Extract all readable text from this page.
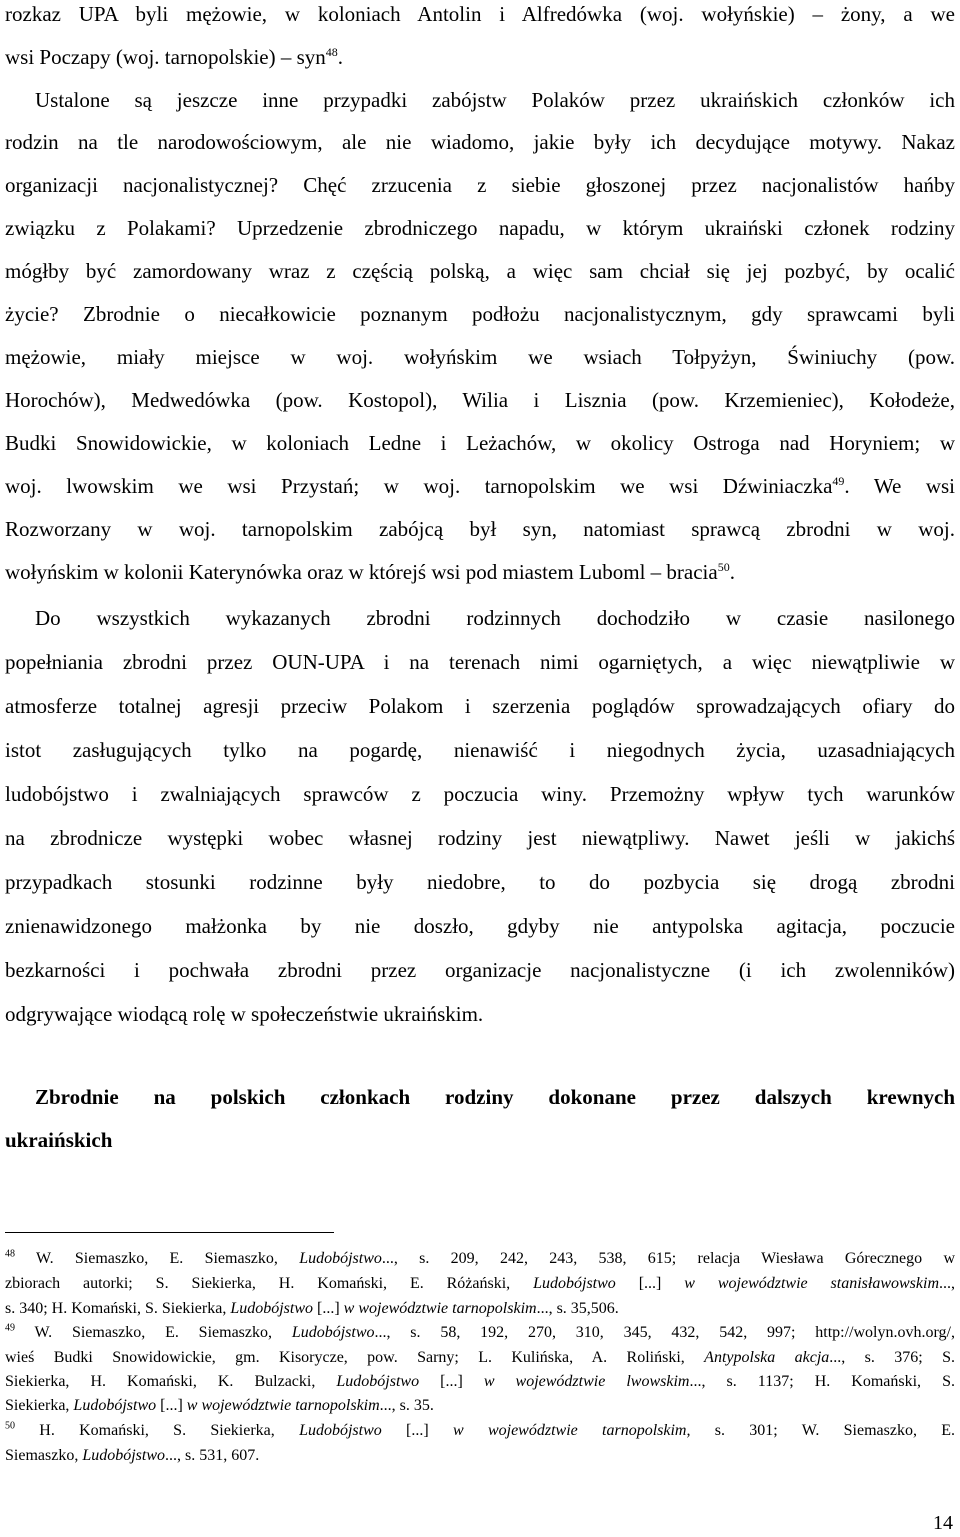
rozkaz UPA byli mężowie, w koloniach Antolin i Alfredówka (woj. wołyńskie) – żony, a we
wsi Poczapy (woj. tarnopolskie) – syn$^{48}$.
Ustalone są jeszcze inne przypadki zabójstw Polaków przez ukraińskich członków ich
rodzin na tle narodowościowym, ale nie wiadomo, jakie były ich decydujące motywy. Nakaz
organizacji nacjonalistycznej? Chęć zrzucenia z siebie głoszonej przez nacjonalistów hańby
związku z Polakami? Uprzedzenie zbrodniczego napadu, w którym ukraiński członek rodziny
mógłby być zamordowany wraz z częścią polską, a więc sam chciał się jej pozbyć, by ocalić
życie? Zbrodnie o niecałkowicie poznanym podłożu nacjonalistycznym, gdy sprawcami byli
mężowie, miały miejsce w woj. wołyńskim we wsiach Tołpyżyn, Świniuchy (pow.
Horochów), Medwedówka (pow. Kostopol), Wilia i Lisznia (pow. Krzemieniec), Kołodeże,
Budki Snowidowickie, w koloniach Ledne i Leżachów, w okolicy Ostroga nad Horyniem; w
woj. lwowskim we wsi Przystań; w woj. tarnopolskim we wsi Dźwiniaczka$^{49}$. We wsi
Rozworzany w woj. tarnopolskim zabójcą był syn, natomiast sprawcą zbrodni w woj.
wołyńskim w kolonii Katerynówka oraz w którejś wsi pod miastem Luboml – bracia$^{50}$.
Do wszystkich wykazanych zbrodni rodzinnych dochodziło w czasie nasilonego
popełniania zbrodni przez OUN-UPA i na terenach nimi ogarniętych, a więc niewątpliwie w
atmosferze totalnej agresji przeciw Polakom i szerzenia poglądów sprowadzających ofiary do
istot zasługujących tylko na pogardę, nienawiść i niegodnych życia, uzasadniających
ludobójstwo i zwalniających sprawców z poczucia winy. Przemożny wpływ tych warunków
na zbrodnicze występki wobec własnej rodziny jest niewątpliwy. Nawet jeśli w jakichś
przypadkach stosunki rodzinne były niedobre, to do pozbycia się drogą zbrodni
znienawidzonego małżonka by nie doszło, gdyby nie antypolska agitacja, poczucie
bezkarności i pochwała zbrodni przez organizacje nacjonalistyczne (i ich zwolenników)
odgrywające wiodącą rolę w społeczeństwie ukraińskim.
Zbrodnie na polskich członkach rodziny dokonane przez dalszych krewnych
ukraińskich
$^{48}$ W. Siemaszko, E. Siemaszko, Ludobójstwo..., s. 209, 242, 243, 538, 615; relacja Wiesława Górecznego w
zbiorach autorki; S. Siekierka, H. Komański, E. Różański, Ludobójstwo [...] w województwie stanisławowskim...,
s. 340; H. Komański, S. Siekierka, Ludobójstwo [...] w województwie tarnopolskim..., s. 35,506.
$^{49}$ W. Siemaszko, E. Siemaszko, Ludobójstwo..., s. 58, 192, 270, 310, 345, 432, 542, 997; http://wolyn.ovh.org/,
wieś Budki Snowidowickie, gm. Kisorycze, pow. Sarny; L. Kulińska, A. Roliński, Antypolska akcja..., s. 376; S.
Siekierka, H. Komański, K. Bulzacki, Ludobójstwo [...] w województwie lwowskim..., s. 1137; H. Komański, S.
Siekierka, Ludobójstwo [...] w województwie tarnopolskim..., s. 35.
$^{50}$ H. Komański, S. Siekierka, Ludobójstwo [...] w województwie tarnopolskim, s. 301; W. Siemaszko, E.
Siemaszko, Ludobójstwo..., s. 531, 607.
14
